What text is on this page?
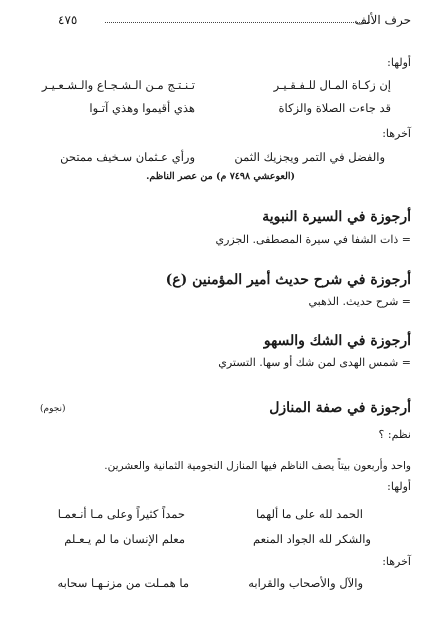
حرف الألف
٤٧٥
أولها:
إن زكـاة المـال للـفـقـيـر
تـنـتـج مـن الـشـجـاع والـشـعـيـر
قد جاءت الصلاة والزكاة
هذي أقيموا وهذي آتـوا
آخرها:
والفضل في التمر ويجزيك الثمن
ورأي عـثمان سـخيف ممتحن
(العوعشي ٧٤٩٨ م) من عصر الناظم.
أرجوزة في السيرة النبوية
= ذات الشفا في سيرة المصطفى. الجزري
أرجوزة في شرح حديث أمير المؤمنين (ع)
= شرح حديث. الذهبي
أرجوزة في الشك والسهو
= شمس الهدى لمن شك أو سها. التستري
أرجوزة في صفة المنازل
(نجوم)
نظم: ؟
واحد وأربعون بيتاً يصف الناظم فيها المنازل النجومية الثمانية والعشرين.
أولها:
الحمد لله على ما ألهما
حمداً كثيراً وعلى مـا أنـعمـا
والشكر لله الجواد المنعم
معلم الإنسان ما لم يـعـلم
آخرها:
والآل والأصحاب والقرابه
ما همـلت من مزنـهـا سحابه
